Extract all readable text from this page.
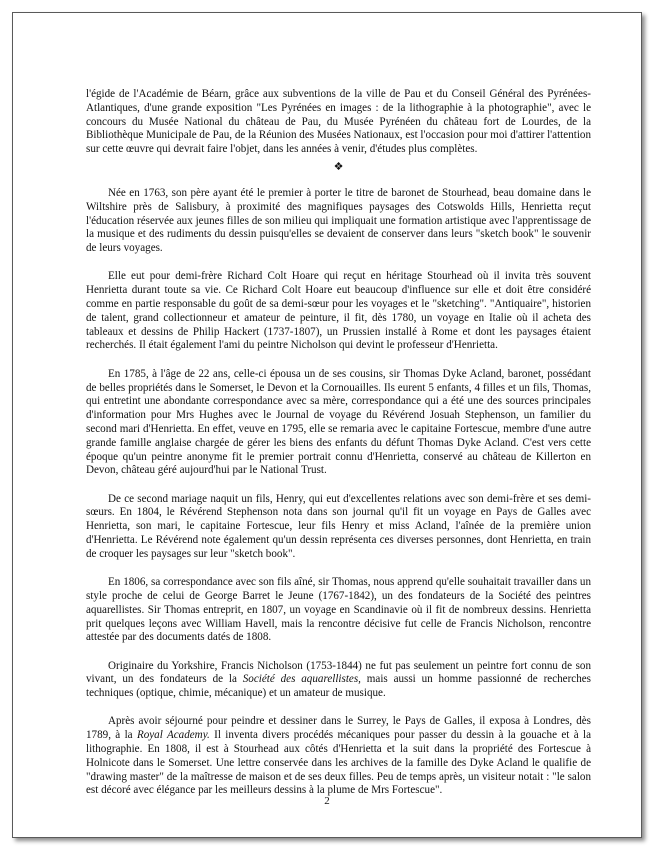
l'égide de l'Académie de Béarn, grâce aux subventions de la ville de Pau et du Conseil Général des Pyrénées-Atlantiques, d'une grande exposition "Les Pyrénées en images : de la lithographie à la photographie", avec le concours du Musée National du château de Pau, du Musée Pyrénéen du château fort de Lourdes, de la Bibliothèque Municipale de Pau, de la Réunion des Musées Nationaux, est l'occasion pour moi d'attirer l'attention sur cette œuvre qui devrait faire l'objet, dans les années à venir, d'études plus complètes.

❖

Née en 1763, son père ayant été le premier à porter le titre de baronet de Stourhead, beau domaine dans le Wiltshire près de Salisbury, à proximité des magnifiques paysages des Cotswolds Hills, Henrietta reçut l'éducation réservée aux jeunes filles de son milieu qui impliquait une formation artistique avec l'apprentissage de la musique et des rudiments du dessin puisqu'elles se devaient de conserver dans leurs "sketch book" le souvenir de leurs voyages.

Elle eut pour demi-frère Richard Colt Hoare qui reçut en héritage Stourhead où il invita très souvent Henrietta durant toute sa vie. Ce Richard Colt Hoare eut beaucoup d'influence sur elle et doit être considéré comme en partie responsable du goût de sa demi-sœur pour les voyages et le "sketching". "Antiquaire", historien de talent, grand collectionneur et amateur de peinture, il fit, dès 1780, un voyage en Italie où il acheta des tableaux et dessins de Philip Hackert (1737-1807), un Prussien installé à Rome et dont les paysages étaient recherchés. Il était également l'ami du peintre Nicholson qui devint le professeur d'Henrietta.

En 1785, à l'âge de 22 ans, celle-ci épousa un de ses cousins, sir Thomas Dyke Acland, baronet, possédant de belles propriétés dans le Somerset, le Devon et la Cornouailles. Ils eurent 5 enfants, 4 filles et un fils, Thomas, qui entretint une abondante correspondance avec sa mère, correspondance qui a été une des sources principales d'information pour Mrs Hughes avec le Journal de voyage du Révérend Josuah Stephenson, un familier du second mari d'Henrietta. En effet, veuve en 1795, elle se remaria avec le capitaine Fortescue, membre d'une autre grande famille anglaise chargée de gérer les biens des enfants du défunt Thomas Dyke Acland. C'est vers cette époque qu'un peintre anonyme fit le premier portrait connu d'Henrietta, conservé au château de Killerton en Devon, château géré aujourd'hui par le National Trust.

De ce second mariage naquit un fils, Henry, qui eut d'excellentes relations avec son demi-frère et ses demi-sœurs. En 1804, le Révérend Stephenson nota dans son journal qu'il fit un voyage en Pays de Galles avec Henrietta, son mari, le capitaine Fortescue, leur fils Henry et miss Acland, l'aînée de la première union d'Henrietta. Le Révérend note également qu'un dessin représenta ces diverses personnes, dont Henrietta, en train de croquer les paysages sur leur "sketch book".

En 1806, sa correspondance avec son fils aîné, sir Thomas, nous apprend qu'elle souhaitait travailler dans un style proche de celui de George Barret le Jeune (1767-1842), un des fondateurs de la Société des peintres aquarellistes. Sir Thomas entreprit, en 1807, un voyage en Scandinavie où il fit de nombreux dessins. Henrietta prit quelques leçons avec William Havell, mais la rencontre décisive fut celle de Francis Nicholson, rencontre attestée par des documents datés de 1808.

Originaire du Yorkshire, Francis Nicholson (1753-1844) ne fut pas seulement un peintre fort connu de son vivant, un des fondateurs de la Société des aquarellistes, mais aussi un homme passionné de recherches techniques (optique, chimie, mécanique) et un amateur de musique.

Après avoir séjourné pour peindre et dessiner dans le Surrey, le Pays de Galles, il exposa à Londres, dès 1789, à la Royal Academy. Il inventa divers procédés mécaniques pour passer du dessin à la gouache et à la lithographie. En 1808, il est à Stourhead aux côtés d'Henrietta et la suit dans la propriété des Fortescue à Holnicote dans le Somerset. Une lettre conservée dans les archives de la famille des Dyke Acland le qualifie de "drawing master" de la maîtresse de maison et de ses deux filles. Peu de temps après, un visiteur notait : "le salon est décoré avec élégance par les meilleurs dessins à la plume de Mrs Fortescue".

2
